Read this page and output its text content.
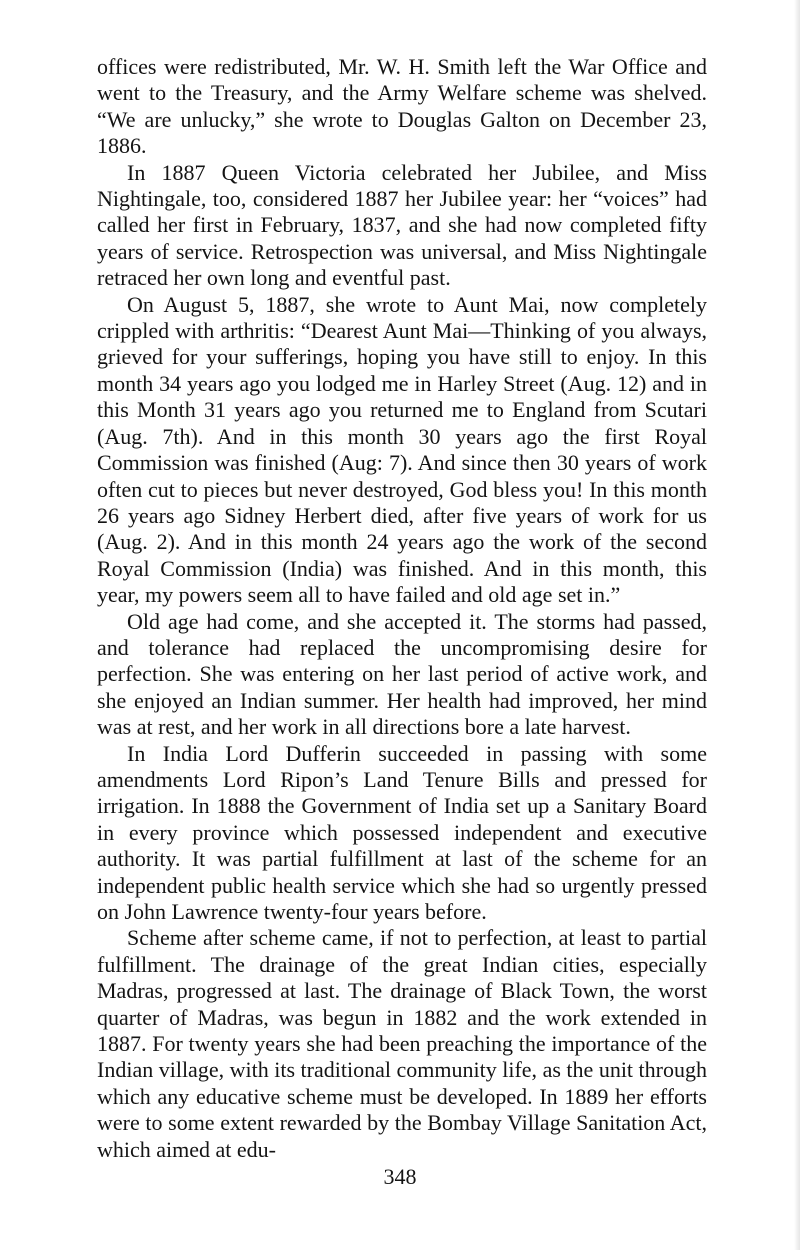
offices were redistributed, Mr. W. H. Smith left the War Office and went to the Treasury, and the Army Welfare scheme was shelved. “We are unlucky,” she wrote to Douglas Galton on December 23, 1886.

In 1887 Queen Victoria celebrated her Jubilee, and Miss Nightingale, too, considered 1887 her Jubilee year: her “voices” had called her first in February, 1837, and she had now completed fifty years of service. Retrospection was universal, and Miss Nightingale retraced her own long and eventful past.

On August 5, 1887, she wrote to Aunt Mai, now completely crippled with arthritis: “Dearest Aunt Mai—Thinking of you always, grieved for your sufferings, hoping you have still to enjoy. In this month 34 years ago you lodged me in Harley Street (Aug. 12) and in this Month 31 years ago you returned me to England from Scutari (Aug. 7th). And in this month 30 years ago the first Royal Commission was finished (Aug: 7). And since then 30 years of work often cut to pieces but never destroyed, God bless you! In this month 26 years ago Sidney Herbert died, after five years of work for us (Aug. 2). And in this month 24 years ago the work of the second Royal Commission (India) was finished. And in this month, this year, my powers seem all to have failed and old age set in.”

Old age had come, and she accepted it. The storms had passed, and tolerance had replaced the uncompromising desire for perfection. She was entering on her last period of active work, and she enjoyed an Indian summer. Her health had improved, her mind was at rest, and her work in all directions bore a late harvest.

In India Lord Dufferin succeeded in passing with some amendments Lord Ripon’s Land Tenure Bills and pressed for irrigation. In 1888 the Government of India set up a Sanitary Board in every province which possessed independent and executive authority. It was partial fulfillment at last of the scheme for an independent public health service which she had so urgently pressed on John Lawrence twenty-four years before.

Scheme after scheme came, if not to perfection, at least to partial fulfillment. The drainage of the great Indian cities, especially Madras, progressed at last. The drainage of Black Town, the worst quarter of Madras, was begun in 1882 and the work extended in 1887. For twenty years she had been preaching the importance of the Indian village, with its traditional community life, as the unit through which any educative scheme must be developed. In 1889 her efforts were to some extent rewarded by the Bombay Village Sanitation Act, which aimed at edu-

348
